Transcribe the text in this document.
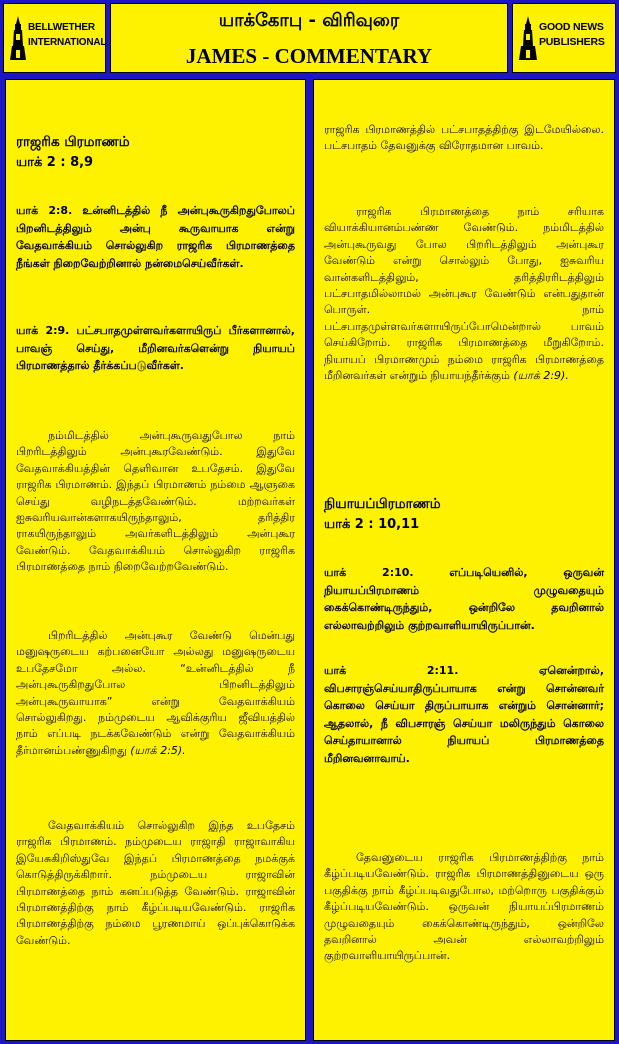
BELLWETHER
INTERNATIONAL
யாக்கோபு - விரிவுரை
JAMES - COMMENTARY
GOOD NEWS
PUBLISHERS
ராஜரிக பிரமாணம்
யாக் 2 : 8,9
யாக் 2:8. உன்னிடத்தில் நீ அன்புகூருகிறதுபோலப் பிறனிடத்திலும் அன்பு கூருவாயாக என்று வேதவாக்கியம் சொல்லுகிற ராஜரிக பிரமாணத்தை நீங்கள் நிறைவேற்றினால் நன்மைசெய்வீர்கள்.
யாக் 2:9. பட்சபாதமுள்ளவர்களாயிருப் பீர்களானால், பாவஞ் செய்து, மீறினவர்களென்று நியாயப் பிரமாணத்தால் தீர்க்கப்படுவீர்கள்.
நம்மிடத்தில் அன்புகூருவதுபோல நாம் பிறரிடத்திலும் அன்புகூரவேண்டும். இதுவே வேதவாக்கியத்தின் தெளிவான உபதேசம். இதுவே ராஜரிக பிரமாணம். இந்தப் பிரமாணம் நம்மை ஆளுகை செய்து வழிநடத்தவேண்டும். மற்றவர்கள் ஐசுவரியவான்களாகயிருந்தாலும், தரித்திர ராகயிருந்தாலும் அவர்களிடத்திலும் அன்புகூர வேண்டும். வேதவாக்கியம் சொல்லுகிற ராஜரிக பிரமாணத்தை நாம் நிறைவேற்றவேண்டும்.
பிறரிடத்தில் அன்புகூர வேண்டு மென்பது மனுஷருடைய கற்பனையோ அல்லது மனுஷருடைய உபதேசமோ அல்ல. “உன்னிடத்தில் நீ அன்புகூருகிறதுபோல பிறனிடத்திலும் அன்புகூருவாயாக” என்று வேதவாக்கியம் சொல்லுகிறது. நம்முடைய ஆவிக்குரிய ஜீவியத்தில் நாம் எப்படி நடக்கவேண்டும் என்று வேதவாக்கியம் தீர்மானம்பண்ணுகிறது (யாக் 2:5).
வேதவாக்கியம் சொல்லுகிற இந்த உபதேசம் ராஜரிக பிரமாணம். நம்முடைய ராஜாதி ராஜாவாகிய இயேசுகிறிஸ்துவே இந்தப் பிரமாணத்தை நமக்குக் கொடுத்திருக்கிறார். நம்முடைய ராஜாவின் பிரமாணத்தை நாம் கனப்படுத்த வேண்டும். ராஜாவின் பிரமாணத்திற்கு நாம் கீழ்ப்படியவேண்டும். ராஜரிக பிரமாணத்திற்கு நம்மை பூரணமாய் ஒப்புக்கொடுக்க வேண்டும்.
ராஜரிக பிரமாணத்தில் பட்சபாதத்திற்கு இடமேயில்லை. பட்சபாதம் தேவனுக்கு விரோதமான பாவம்.
ராஜரிக பிரமாணத்தை நாம் சரியாக வியாக்கியானம்பண்ண வேண்டும். நம்மிடத்தில் அன்புகூருவது போல பிறரிடத்திலும் அன்புகூர வேண்டும் என்று சொல்லும் போது, ஐசுவரிய வான்களிடத்திலும், தரித்திரரிடத்திலும் பட்சபாதமில்லாமல் அன்புகூர வேண்டும் என்பதுதான் பொருள். நாம் பட்சபாதமுள்ளவர்களாயிருப்போமென்றால் பாவம் செய்கிறோம். ராஜரிக பிரமாணத்தை மீறுகிறோம். நியாயப் பிரமாணமும் நம்மை ராஜரிக பிரமாணத்தை மீறினவர்கள் என்றும் நியாயந்தீர்க்கும் (யாக் 2:9).
நியாயப்பிரமாணம்
யாக் 2 : 10,11
யாக் 2:10. எப்படியெனில், ஒருவன் நியாயப்பிரமாணம் முழுவதையும் கைக்கொண்டிருந்தும், ஒன்றிலே தவறினால் எல்லாவற்றிலும் குற்றவாளியாயிருப்பான்.
யாக் 2:11. ஏனென்றால், விபசாரஞ்செய்யாதிருப்பாயாக என்று சொன்னவர் கொலை செய்யா திருப்பாயாக என்றும் சொன்னார்; ஆதலால், நீ விபசாரஞ் செய்யா மலிருந்தும் கொலை செய்தாயானால் நியாயப் பிரமாணத்தை மீறினவனாவாய்.
தேவனுடைய ராஜரிக பிரமாணத்திற்கு நாம் கீழ்ப்படியவேண்டும். ராஜரிக பிரமாணத்தினுடைய ஒரு பகுதிக்கு நாம் கீழ்ப்படிவதுபோல, மற்றொரு பகுதிக்கும் கீழ்ப்படியவேண்டும். ஒருவன் நியாயப்பிரமாணம் முழுவதையும் கைக்கொண்டிருந்தும், ஒன்றிலே தவறினால் அவன் எல்லாவற்றிலும் குற்றவாளியாயிருப்பான்.
